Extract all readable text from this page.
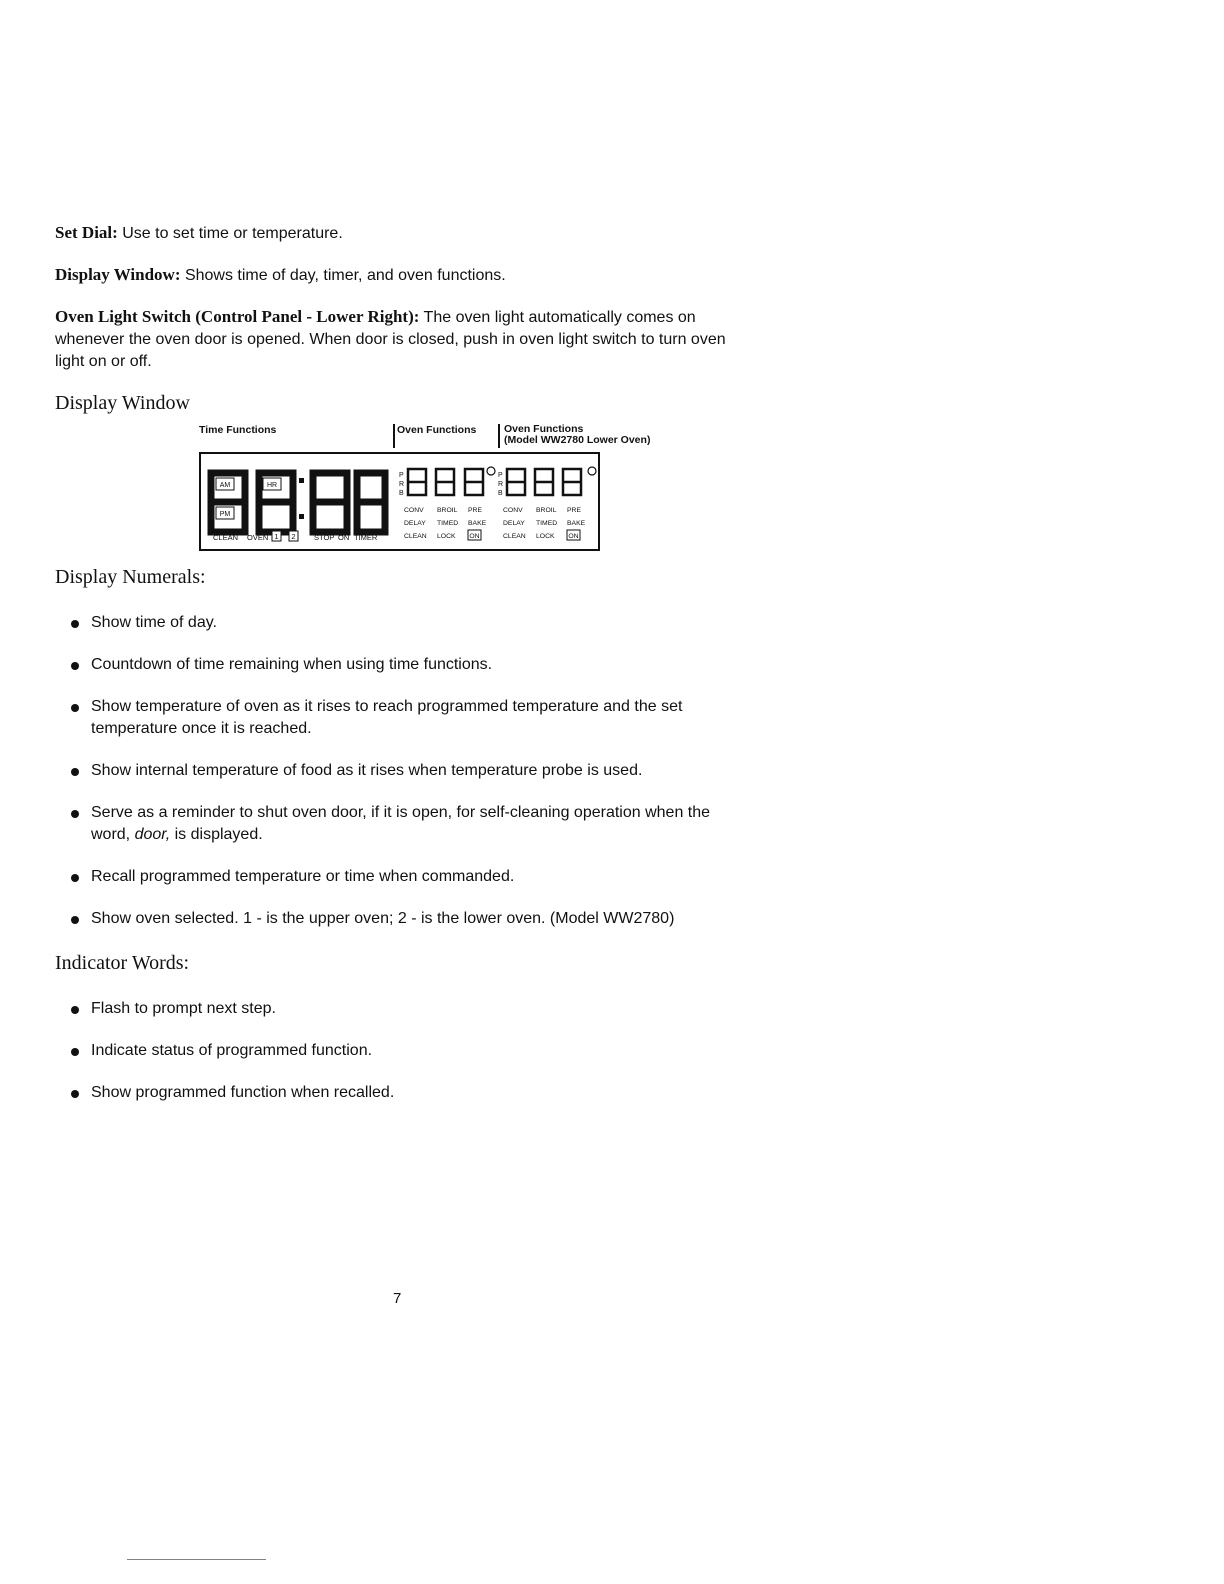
Set Dial: Use to set time or temperature.

Display Window: Shows time of day, timer, and oven functions.

Oven Light Switch (Control Panel - Lower Right): The oven light automatically comes on whenever the oven door is opened. When door is closed, push in oven light switch to turn oven light on or off.

Display Window
Time Functions	Oven Functions	Oven Functions
(Model WW2780 Lower Oven)
AM	HR
PM
CLEAN OVEN 1 2 STOP ON TIMER
P
R
B
P
R
B
CONV BROIL PRE
DELAY TIMED BAKE
CLEAN LOCK ON
CONV BROIL PRE
DELAY TIMED BAKE
CLEAN LOCK ON
Display Numerals:
Show time of day.
Countdown of time remaining when using time functions.
Show temperature of oven as it rises to reach programmed temperature and the set temperature once it is reached.
Show internal temperature of food as it rises when temperature probe is used.
Serve as a reminder to shut oven door, if it is open, for self-cleaning operation when the word, door, is displayed.
Recall programmed temperature or time when commanded.
Show oven selected. 1 - is the upper oven; 2 - is the lower oven. (Model WW2780)
Indicator Words:
Flash to prompt next step.
Indicate status of programmed function.
Show programmed function when recalled.
7
